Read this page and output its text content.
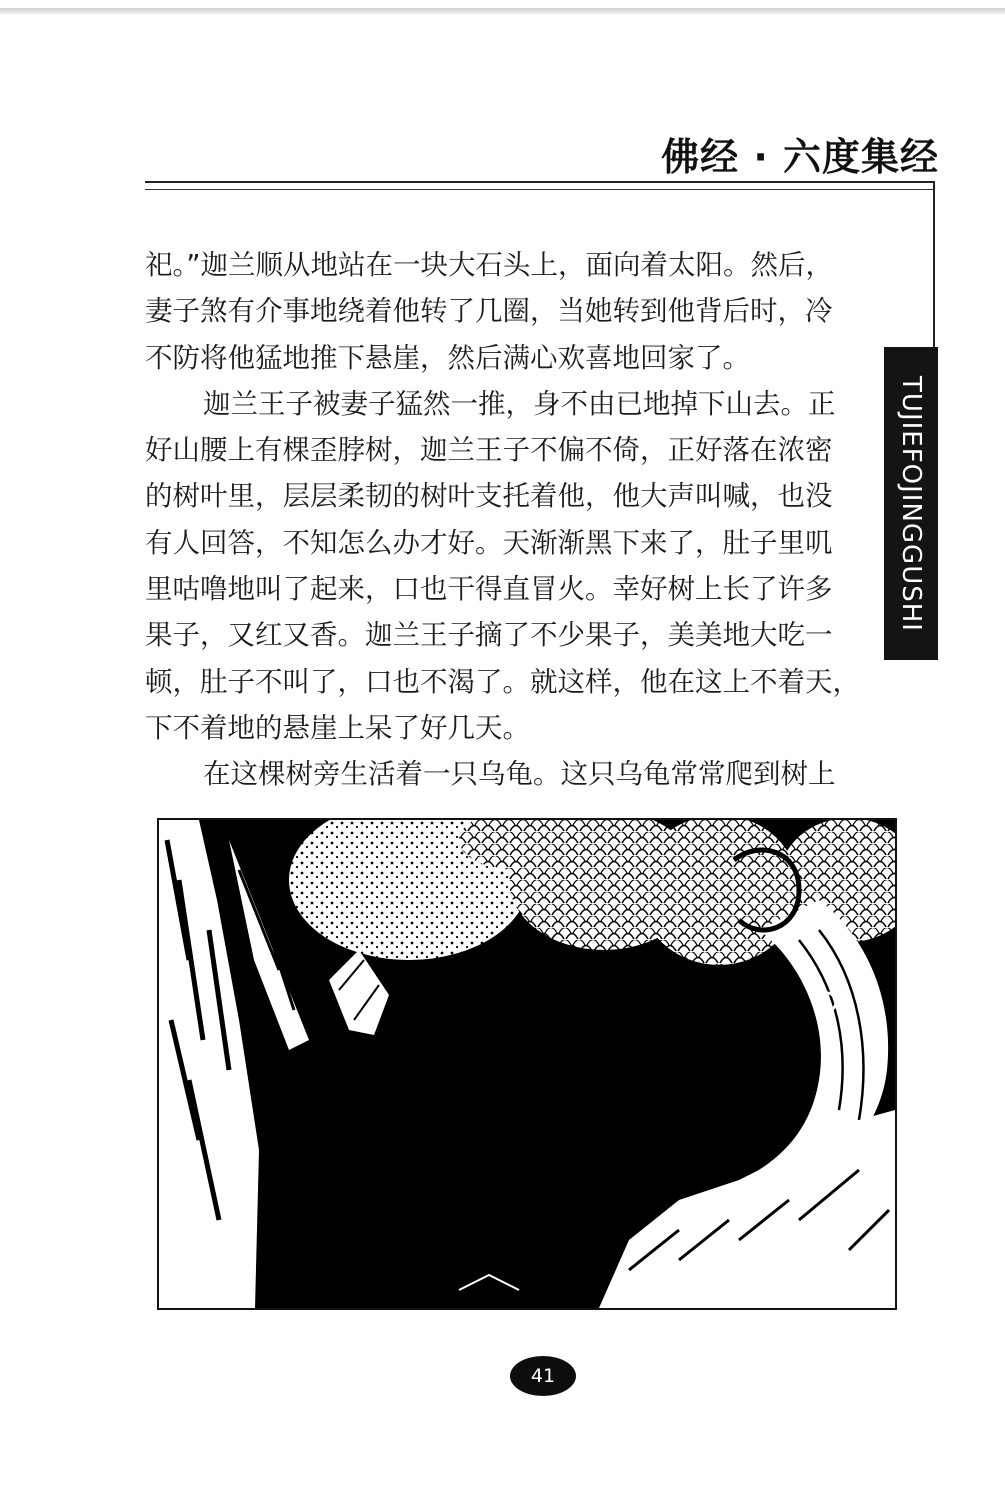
佛经 · 六度集经
TUJIEFOJINGGUSHI

祀。”迦兰顺从地站在一块大石头上，面向着太阳。然后，
妻子煞有介事地绕着他转了几圈，当她转到他背后时，冷
不防将他猛地推下悬崖，然后满心欢喜地回家了。

迦兰王子被妻子猛然一推，身不由已地掉下山去。正
好山腰上有棵歪脖树，迦兰王子不偏不倚，正好落在浓密
的树叶里，层层柔韧的树叶支托着他，他大声叫喊，也没
有人回答，不知怎么办才好。天渐渐黑下来了，肚子里叽
里咕噜地叫了起来，口也干得直冒火。幸好树上长了许多
果子，又红又香。迦兰王子摘了不少果子，美美地大吃一
顿，肚子不叫了，口也不渴了。就这样，他在这上不着天，
下不着地的悬崖上呆了好几天。

在这棵树旁生活着一只乌龟。这只乌龟常常爬到树上

41
